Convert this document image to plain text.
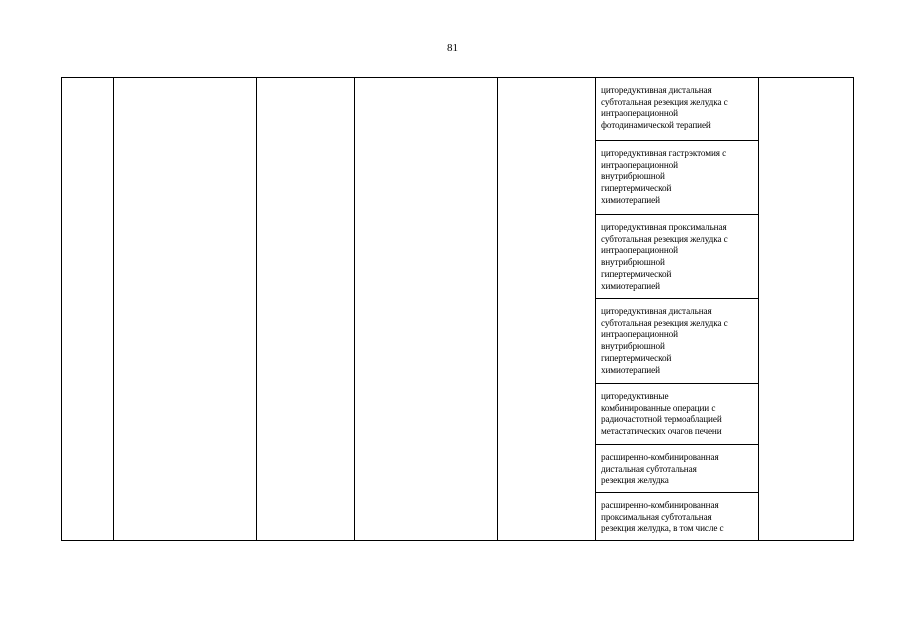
81
циторедуктивная дистальная
субтотальная резекция желудка с
интраоперационной
фотодинамической терапией
циторедуктивная гастрэктомия с
интраоперационной
внутрибрюшной
гипертермической
химиотерапией
циторедуктивная проксимальная
субтотальная резекция желудка с
интраоперационной
внутрибрюшной
гипертермической
химиотерапией
циторедуктивная дистальная
субтотальная резекция желудка с
интраоперационной
внутрибрюшной
гипертермической
химиотерапией
циторедуктивные
комбинированные операции с
радиочастотной термоаблацией
метастатических очагов печени
расширенно-комбинированная
дистальная субтотальная
резекция желудка
расширенно-комбинированная
проксимальная субтотальная
резекция желудка, в том числе с
